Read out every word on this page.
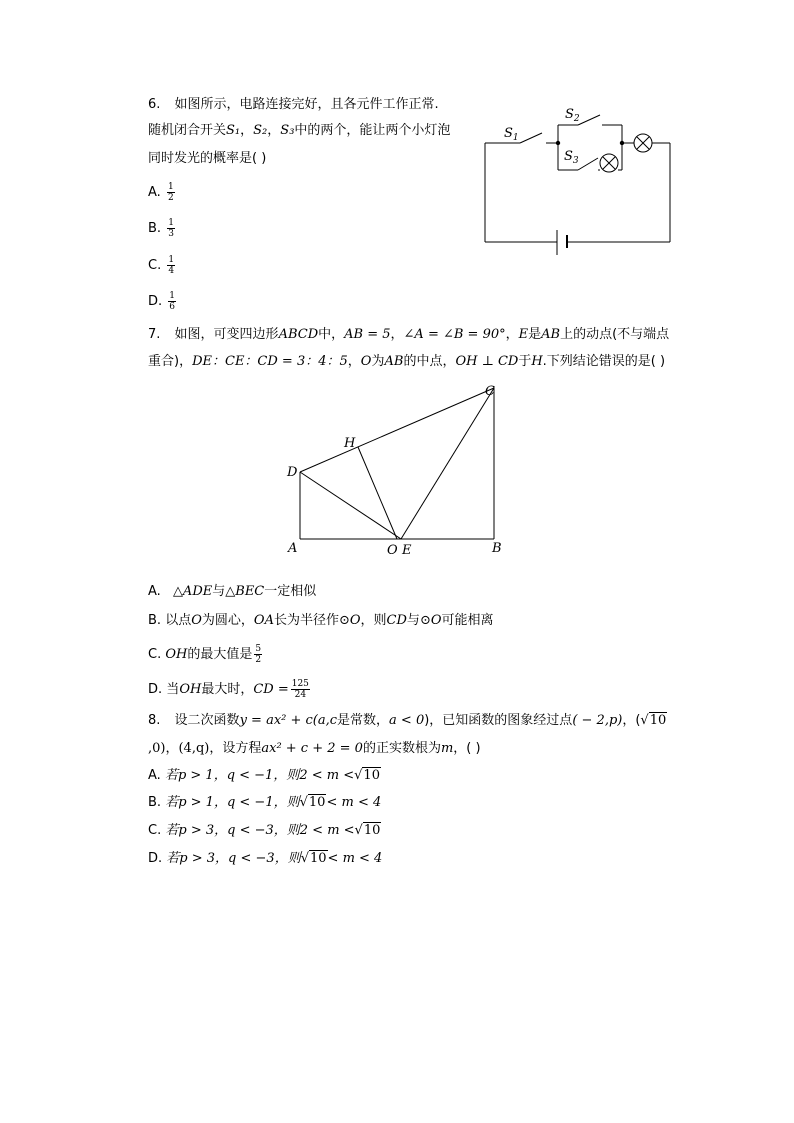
6. 如图所示，电路连接完好，且各元件工作正常.
随机闭合开关S₁，S₂，S₃中的两个，能让两个小灯泡
同时发光的概率是( )
A. $\frac{1}{2}$
B. $\frac{1}{3}$
C. $\frac{1}{4}$
D. $\frac{1}{6}$
$S_1$
$S_2$
$S_3$
7. 如图，可变四边形ABCD中，AB = 5，∠A = ∠B = 90°，E是AB上的动点(不与端点
重合)，DE：CE：CD = 3：4：5，O为AB的中点，OH ⊥ CD于H.下列结论错误的是( )
C
H
D
A	O E	B
A. △ADE与△BEC一定相似
B. 以点O为圆心，OA长为半径作⊙O，则CD与⊙O可能相离
C. OH的最大值是 $\frac{5}{2}$
D. 当OH最大时，CD = $\frac{125}{24}$
8. 设二次函数y = ax² + c(a,c是常数，a < 0)，已知函数的图象经过点( − 2,p)，(√10
,0)，(4,q)，设方程ax² + c + 2 = 0的正实数根为m，( )
A. 若p > 1，q < −1，则2 < m <√10
B. 若p > 1，q < −1，则√10< m < 4
C. 若p > 3，q < −3，则2 < m <√10
D. 若p > 3，q < −3，则√10< m < 4
